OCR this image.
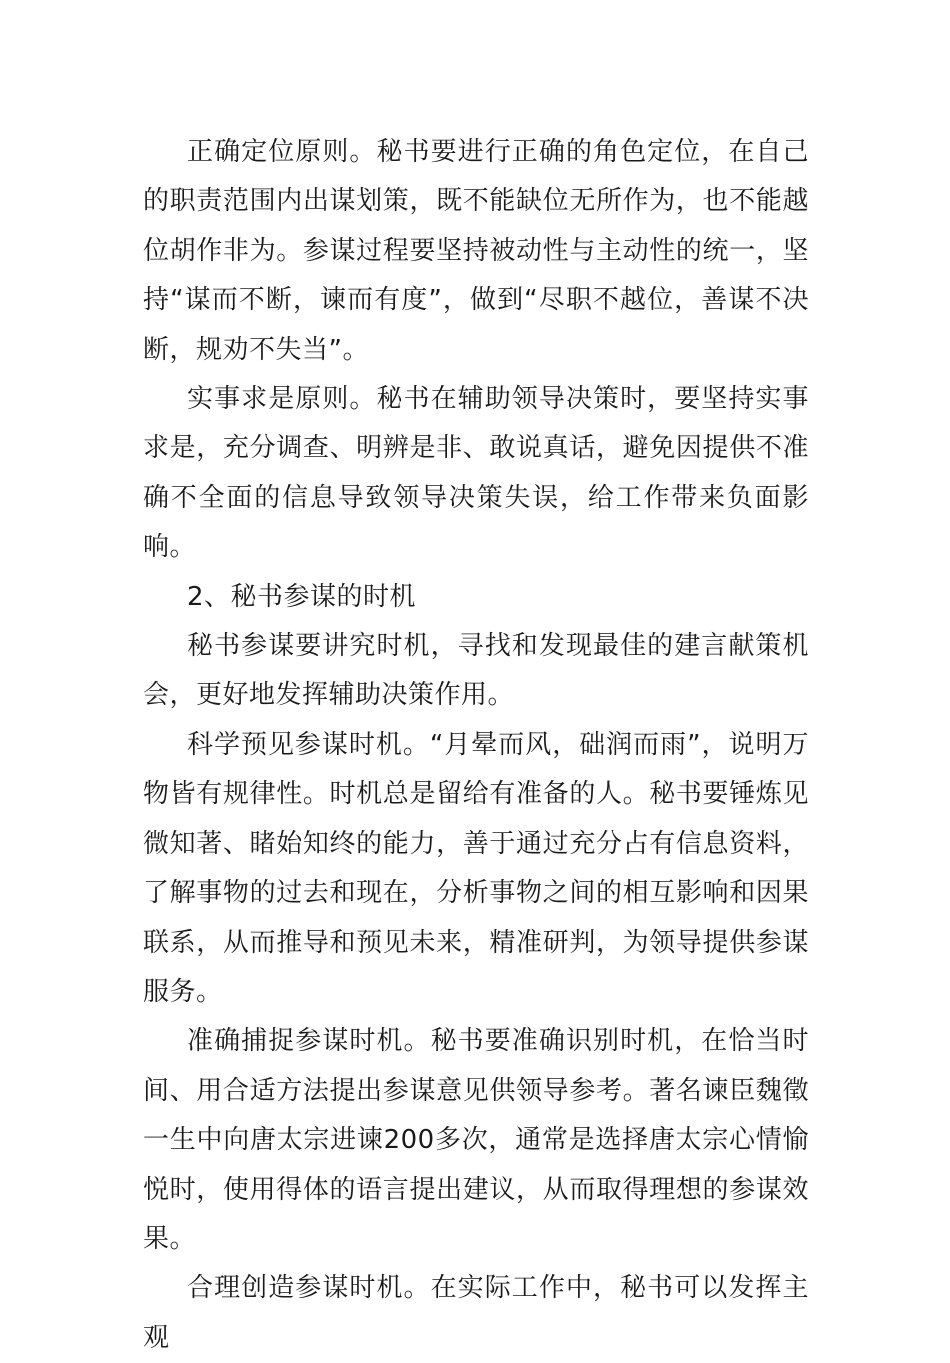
正确定位原则。秘书要进行正确的角色定位，在自己的职责范围内出谋划策，既不能缺位无所作为，也不能越位胡作非为。参谋过程要坚持被动性与主动性的统一，坚持“谋而不断，谏而有度”，做到“尽职不越位，善谋不决断，规劝不失当”。

实事求是原则。秘书在辅助领导决策时，要坚持实事求是，充分调查、明辨是非、敢说真话，避免因提供不准确不全面的信息导致领导决策失误，给工作带来负面影响。

2、秘书参谋的时机

秘书参谋要讲究时机，寻找和发现最佳的建言献策机会，更好地发挥辅助决策作用。

科学预见参谋时机。“月晕而风，础润而雨”，说明万物皆有规律性。时机总是留给有准备的人。秘书要锤炼见微知著、睹始知终的能力，善于通过充分占有信息资料，了解事物的过去和现在，分析事物之间的相互影响和因果联系，从而推导和预见未来，精准研判，为领导提供参谋服务。

准确捕捉参谋时机。秘书要准确识别时机，在恰当时间、用合适方法提出参谋意见供领导参考。著名谏臣魏徵一生中向唐太宗进谏200多次，通常是选择唐太宗心情愉悦时，使用得体的语言提出建议，从而取得理想的参谋效果。

合理创造参谋时机。在实际工作中，秘书可以发挥主观
